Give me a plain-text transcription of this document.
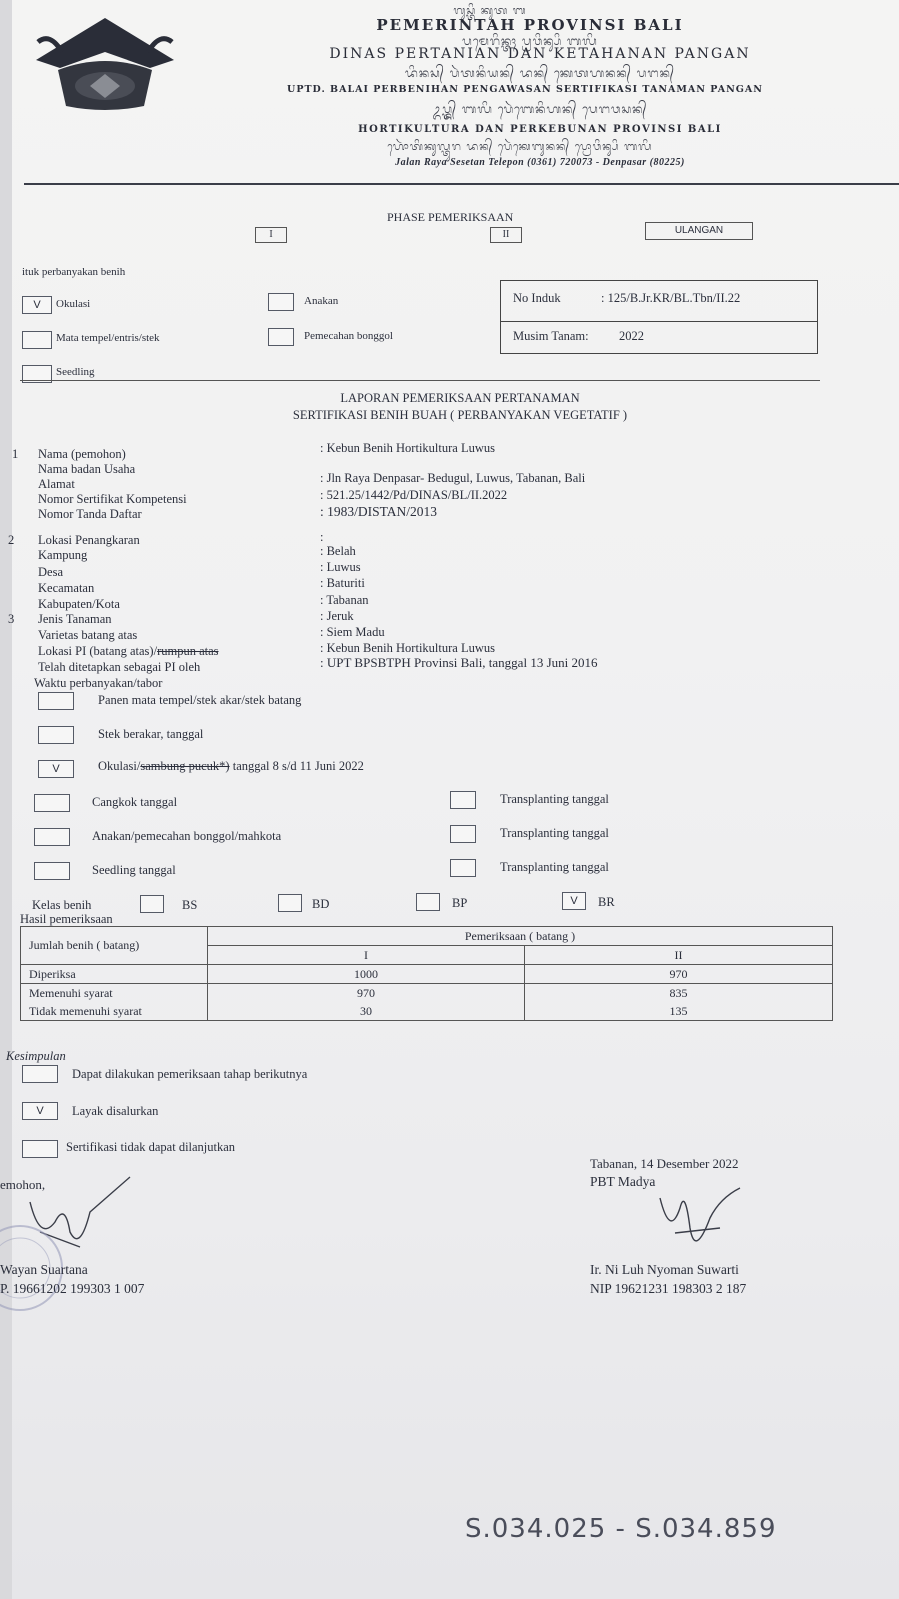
ᬕᬸᬲ᭄ᬢᬶ ᬓᬸᬢ ᬩ
PEMERINTAH PROVINSI BALI
ᬧᬫᬾᬭᬶᬦ᭄ᬢᬄ ᬧ᭄ᬭᬯᬶᬦ᭄ᬲᬶ ᬩᬮᬶ
DINAS PERTANIAN DAN KETAHANAN PANGAN
ᬤᬶᬦᬲ᭄ ᬧᬃᬢᬦᬶᬬᬦ᭄ ᬤᬦ᭄ ᬓᬾᬢᬳᬦᬦ᭄ ᬧᬗᬦ᭄
UPTD. BALAI PERBENIHAN PENGAWASAN SERTIFIKASI TANAMAN PANGAN
ᬉᬧ᭄ᬢ᭄ᬤ᭄ ᬩᬮᬶ ᬧᬾᬃᬩᬾᬦᬶᬳᬦ᭄ ᬧᬾᬗᬯᬲᬦ᭄
HORTIKULTURA DAN PERKEBUNAN PROVINSI BALI
ᬳᭀᬃᬢᬶᬓᬸᬮ᭄ᬢᬸᬭ ᬤᬦ᭄ ᬧᬾᬃᬓᬾᬩᬸᬦᬦ᭄ ᬧ᭄ᬭᭀᬯᬶᬦ᭄ᬲᬶ ᬩᬮᬶ
Jalan Raya Sesetan Telepon (0361) 720073 - Denpasar (80225)
PHASE PEMERIKSAAN
I	II	ULANGAN
ituk perbanyakan benih
V	Okulasi
Mata tempel/entris/stek
Seedling
Anakan
Pemecahan bonggol
No Induk	: 125/B.Jr.KR/BL.Tbn/II.22
Musim Tanam: 2022
LAPORAN PEMERIKSAAN PERTANAMAN
SERTIFIKASI BENIH BUAH ( PERBANYAKAN VEGETATIF )
1 Nama (pemohon)	: Kebun Benih Hortikultura Luwus
Nama badan Usaha
Alamat	: Jln Raya Denpasar- Bedugul, Luwus, Tabanan, Bali
Nomor Sertifikat Kompetensi	: 521.25/1442/Pd/DINAS/BL/II.2022
Nomor Tanda Daftar	: 1983/DISTAN/2013
2 Lokasi Penangkaran	:
Kampung	: Belah
Desa	: Luwus
Kecamatan	: Baturiti
Kabupaten/Kota	: Tabanan
3 Jenis Tanaman	: Jeruk
Varietas batang atas	: Siem Madu
Lokasi PI (batang atas)/rumpun atas	: Kebun Benih Hortikultura Luwus
Telah ditetapkan sebagai PI oleh	: UPT BPSBTPH Provinsi Bali, tanggal 13 Juni 2016
Waktu perbanyakan/tabor
Panen mata tempel/stek akar/stek batang
Stek berakar, tanggal
V	Okulasi/sambung pucuk*) tanggal 8 s/d 11 Juni 2022
Cangkok tanggal
Anakan/pemecahan bonggol/mahkota
Seedling tanggal
Transplanting tanggal
Transplanting tanggal
Transplanting tanggal
Kelas benih	BS	BD	BP	V	BR
Hasil pemeriksaan
Jumlah benih ( batang)	Pemeriksaan ( batang )	
	I	II
Diperiksa	1000	970
Memenuhi syarat	970	835
Tidak memenuhi syarat	30	135
Kesimpulan
Dapat dilakukan pemeriksaan tahap berikutnya
V	Layak disalurkan
Sertifikasi tidak dapat dilanjutkan
emohon,
Wayan Suartana
P. 19661202 199303 1 007
Tabanan, 14 Desember 2022
PBT Madya
Ir. Ni Luh Nyoman Suwarti
NIP 19621231 198303 2 187
S.034.025 - S.034.859
